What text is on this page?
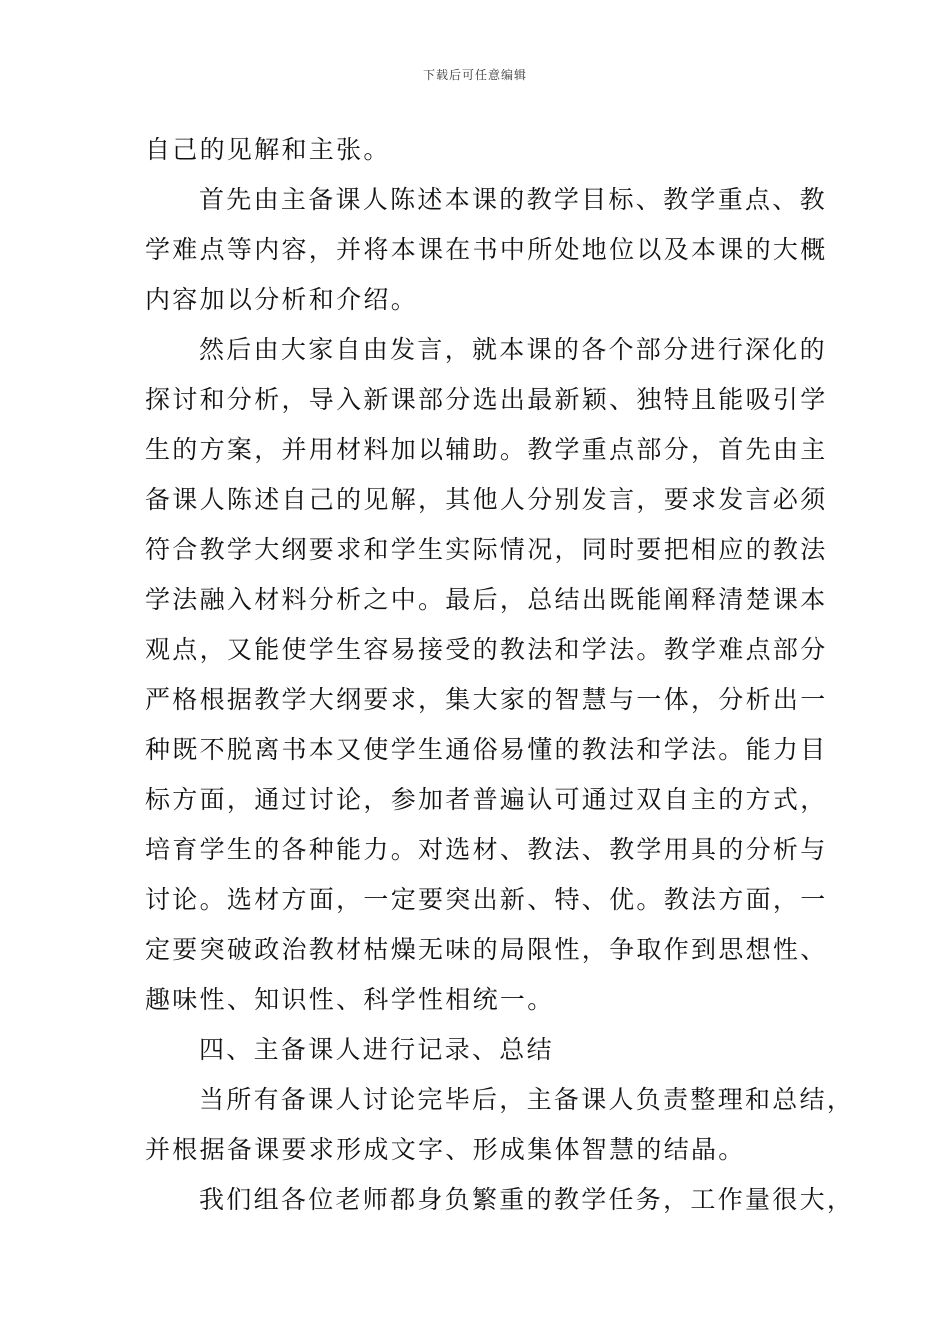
下载后可任意编辑
自己的见解和主张。
首先由主备课人陈述本课的教学目标、教学重点、教
学难点等内容，并将本课在书中所处地位以及本课的大概
内容加以分析和介绍。
然后由大家自由发言，就本课的各个部分进行深化的
探讨和分析，导入新课部分选出最新颖、独特且能吸引学
生的方案，并用材料加以辅助。教学重点部分，首先由主
备课人陈述自己的见解，其他人分别发言，要求发言必须
符合教学大纲要求和学生实际情况，同时要把相应的教法
学法融入材料分析之中。最后，总结出既能阐释清楚课本
观点，又能使学生容易接受的教法和学法。教学难点部分
严格根据教学大纲要求，集大家的智慧与一体，分析出一
种既不脱离书本又使学生通俗易懂的教法和学法。能力目
标方面，通过讨论，参加者普遍认可通过双自主的方式，
培育学生的各种能力。对选材、教法、教学用具的分析与
讨论。选材方面，一定要突出新、特、优。教法方面，一
定要突破政治教材枯燥无味的局限性，争取作到思想性、
趣味性、知识性、科学性相统一。
四、主备课人进行记录、总结
当所有备课人讨论完毕后，主备课人负责整理和总结，
并根据备课要求形成文字、形成集体智慧的结晶。
我们组各位老师都身负繁重的教学任务，工作量很大，
